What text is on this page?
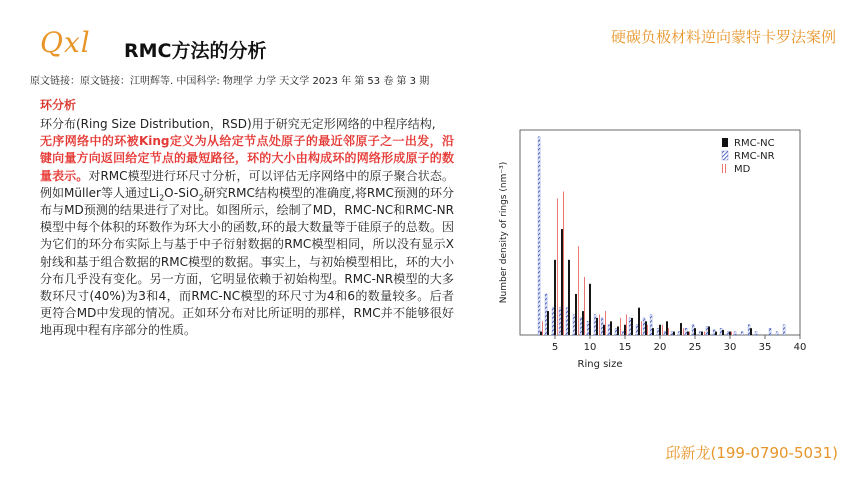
Qxl RMC方法的分析
硬碳负极材料逆向蒙特卡罗法案例
原文链接：原文链接：江明辉等. 中国科学: 物理学 力学 天文学 2023 年 第 53 卷 第 3 期
环分析
环分布(Ring Size Distribution，RSD)用于研究无定形网络的中程序结构,
无序网络中的环被King定义为从给定节点处原子的最近邻原子之一出发，沿键向量方向返回给定节点的最短路径，环的大小由构成环的网络形成原子的数量表示。对RMC模型进行环尺寸分析，可以评估无序网络中的原子聚合状态。例如Müller等人通过$Li_2O-SiO_2$研究RMC结构模型的准确度,将RMC预测的环分布与MD预测的结果进行了对比。如图所示，绘制了MD，RMC-NC和RMC-NR模型中每个体积的环数作为环大小的函数,环的最大数量等于硅原子的总数。因为它们的环分布实际上与基于中子衍射数据的RMC模型相同，所以没有显示X射线和基于组合数据的RMC模型的数据。事实上，与初始模型相比，环的大小分布几乎没有变化。另一方面，它明显依赖于初始构型。RMC-NR模型的大多数环尺寸(40%)为3和4，而RMC-NC模型的环尺寸为4和6的数量较多。后者更符合MD中发现的情况。正如环分布对比所证明的那样，RMC并不能够很好地再现中程有序部分的性质。
5	10 15 20 25 30 35 40
Ring size
Number density of rings (nm⁻³)
RMC-NC
RMC-NR
MD
邱新龙(199-0790-5031)
